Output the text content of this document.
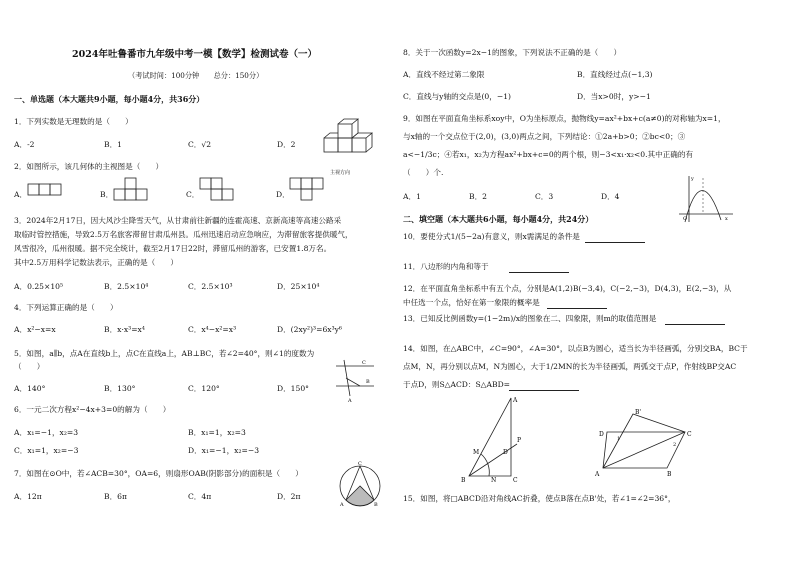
2024年吐鲁番市九年级中考一模【数学】检测试卷（一）
（考试时间：100分钟　　总分：150分）
一、单选题（本大题共9小题，每小题4分，共36分）
1．下列实数是无理数的是（　　）
A．-2	B．1	C．√2	D．2
主视方向
2．如图所示，该几何体的主视图是（　　）
A．	B．	C．	D．
3．2024年2月17日，因大风沙尘降雪天气，从甘肃前往新疆的连霍高速、京新高速等高速公路采
取临时管控措施，导致2.5万名旅客滞留甘肃瓜州县。瓜州迅速启动应急响应，为滞留旅客提供暖气，
风雪很冷，瓜州很暖。据不完全统计，截至2月17日22时，滞留瓜州的游客，已安置1.8万名。
其中2.5万用科学记数法表示，正确的是（　　）
A．0.25×10⁵	B．2.5×10⁴	C．2.5×10³	D．25×10⁴
4．下列运算正确的是（　　）
A．x²−x=x	B．x·x³=x⁴	C．x⁴−x²=x³	D．(2xy²)³=6x³y⁶
5．如图，a∥b，点A在直线b上，点C在直线a上，AB⊥BC，若∠2=40°，则∠1的度数为
（　　）	C
B
A
A．140°	B．130°	C．120°	D．150°
6．一元二次方程x²−4x+3=0的解为（　　）
A．x₁=−1，x₂=3	B．x₁=1，x₂=3
C．x₁=1，x₂=−3	D．x₁=−1，x₂=−3
7．如图在⊙O中，若∠ACB=30°，OA=6，则扇形OAB(阴影部分)的面积是（　　）
C
A	B
A．12π	B．6π	C．4π	D．2π
8．关于一次函数y=2x−1的图象，下列说法不正确的是（　　）
A．直线不经过第二象限	B．直线经过点(−1,3)
C．直线与y轴的交点是(0，−1)	D．当x>0时，y>−1
9．如图在平面直角坐标系xoy中，O为坐标原点，抛物线y=ax²+bx+c(a≠0)的对称轴为x=1，
与x轴的一个交点位于(2,0)，(3,0)两点之间，下列结论：①2a+b>0；②bc<0；③
a<−1/3c；④若x₁，x₂为方程ax²+bx+c=0的两个根，则−3<x₁·x₂<0.其中正确的有
（　　）个.
O	x
y
A．1	B．2	C．3	D．4
二、填空题（本大题共6小题，每小题4分，共24分）
10．要使分式1/(5−2a)有意义，则x需满足的条件是
11．八边形的内角和等于
12．在平面直角坐标系中有五个点，分别是A(1,2)B(−3,4)，C(−2,−3)，D(4,3)，E(2,−3)，从
中任选一个点，恰好在第一象限的概率是
13．已知反比例函数y=(1−2m)/x的图象在二、四象限，则m的取值范围是
14．如图，在△ABC中，∠C=90°，∠A=30°，以点B为圆心，适当长为半径画弧，分别交BA，BC于
点M，N，再分别以点M，N为圆心，大于1/2MN的长为半径画弧，两弧交于点P，作射线BP交AC
于点D，则S△ACD：S△ABD=
A
B	C
M
N
D
P
B'
D	C
A	B
1
2
15．如图，将□ABCD沿对角线AC折叠，使点B落在点B'处，若∠1=∠2=36°，
